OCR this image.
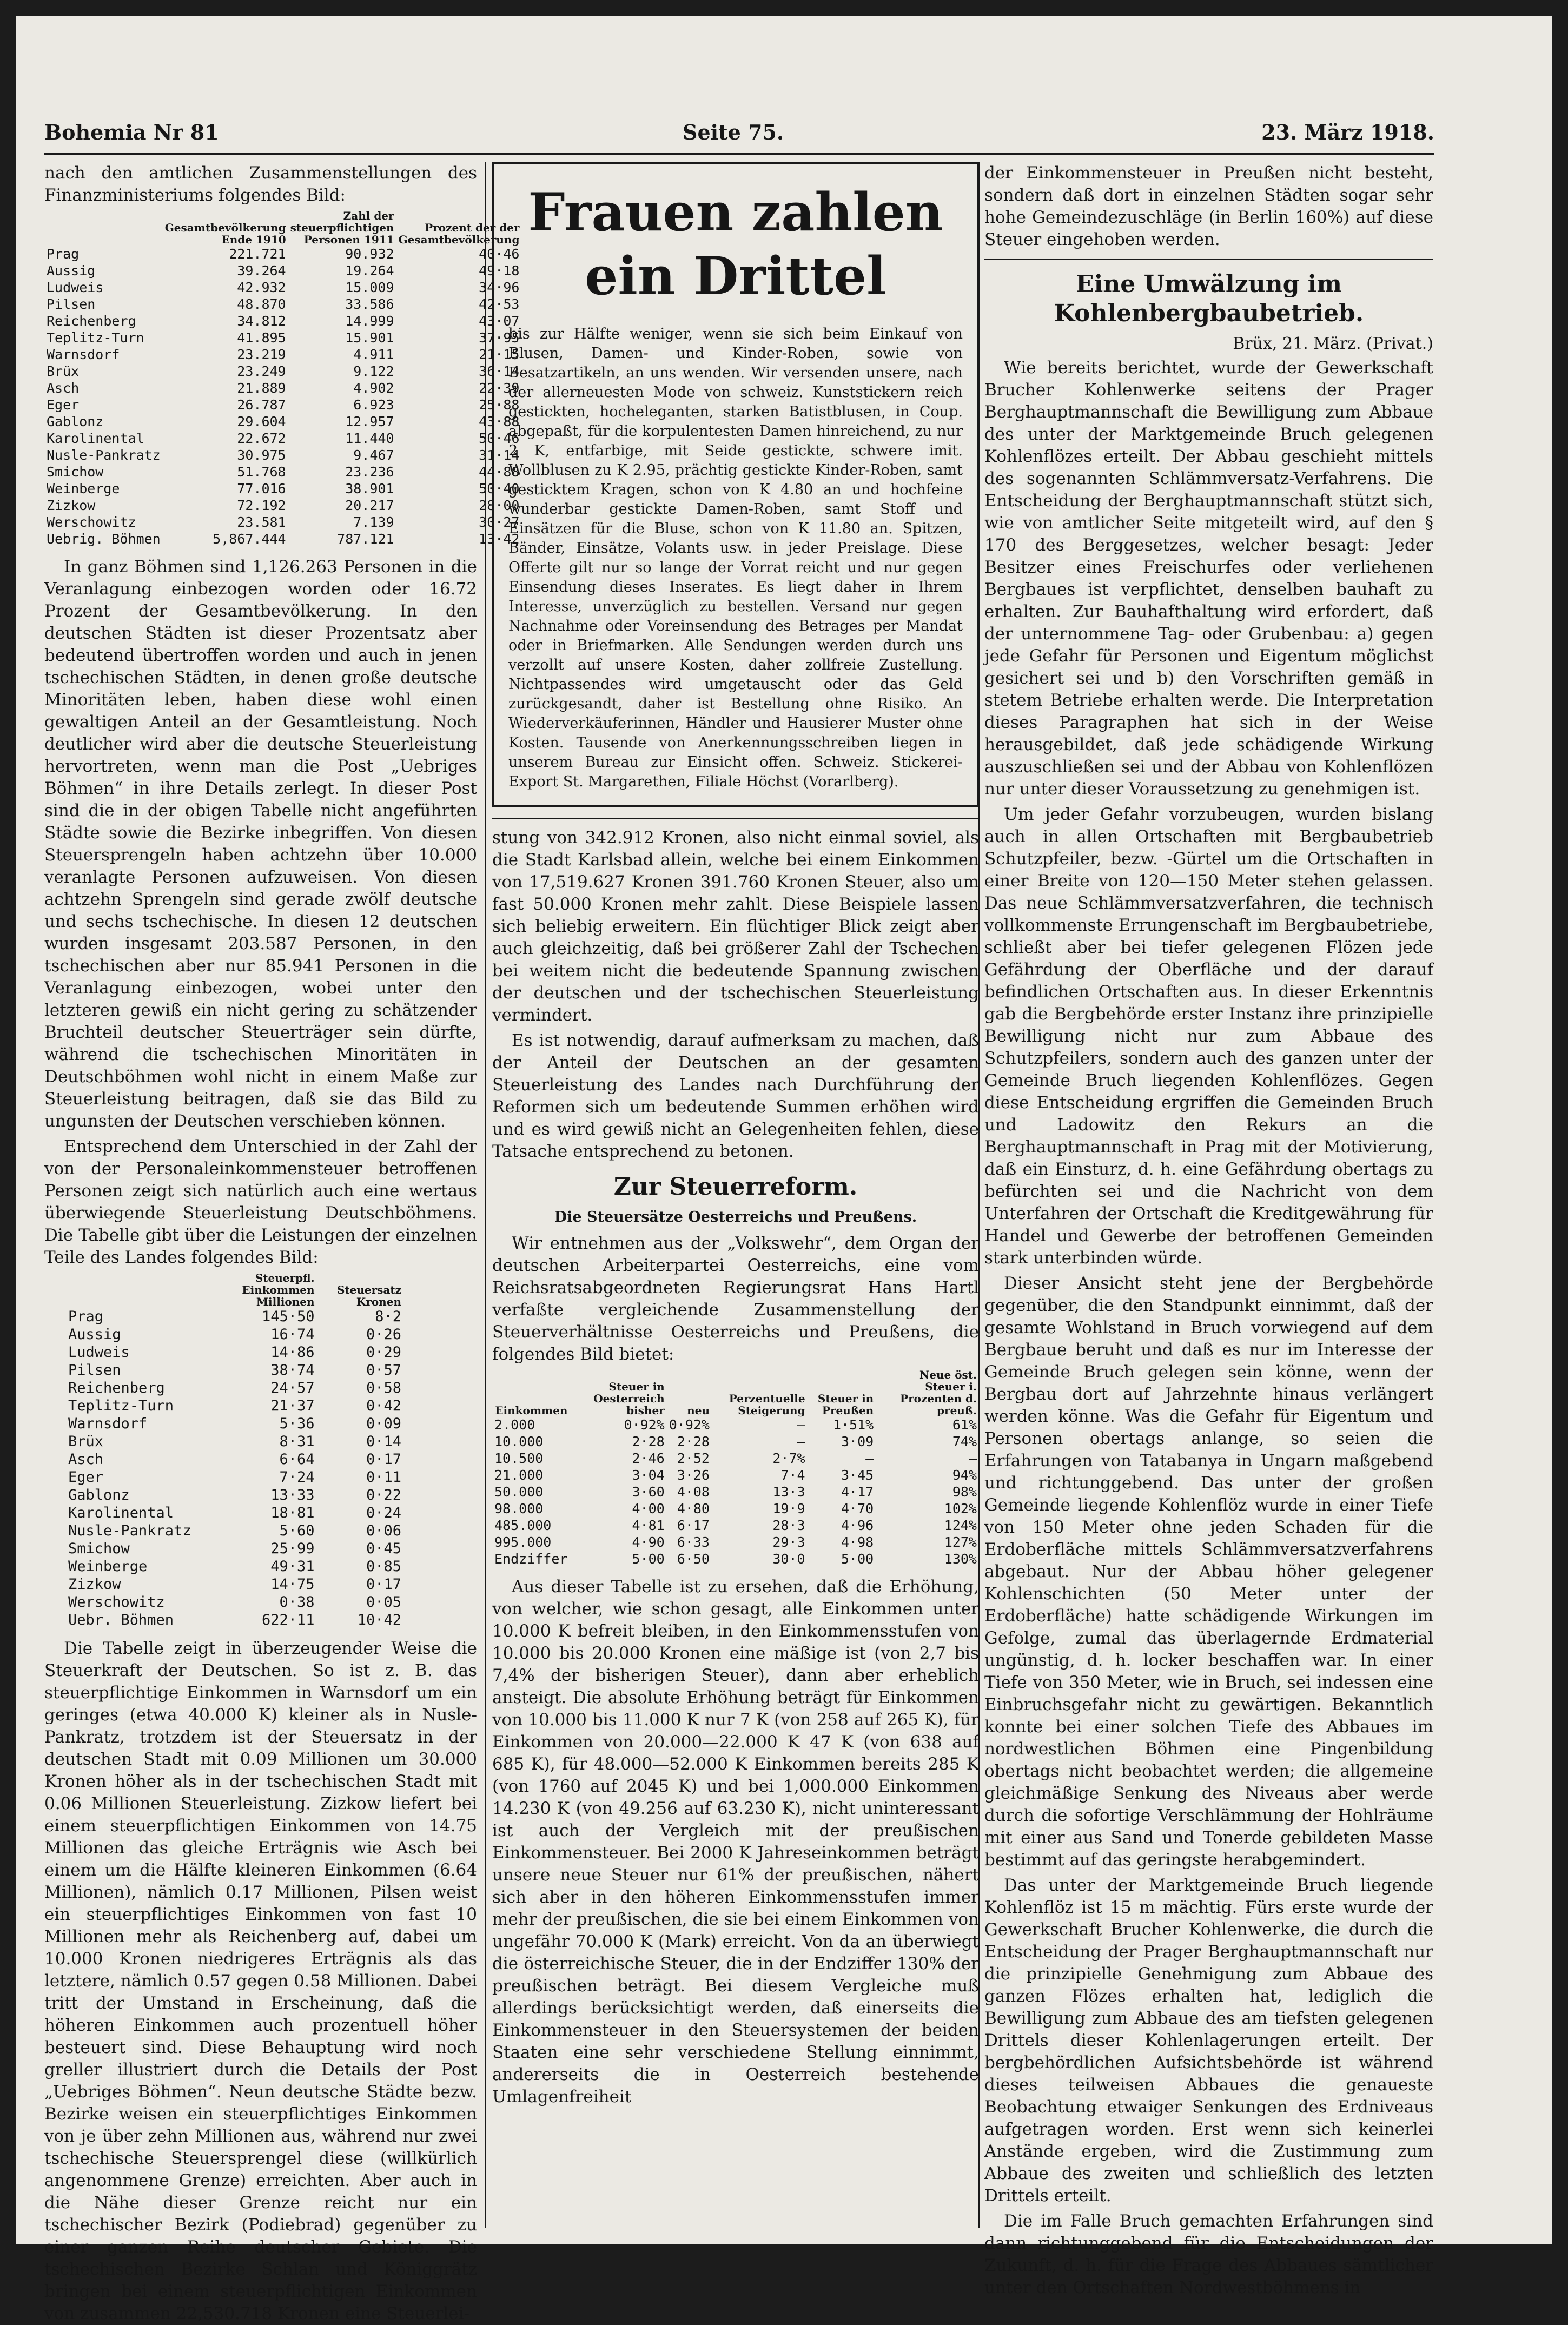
Bohemia Nr 81	Seite 75.	23. März 1918.

nach den amtlichen Zusammenstellungen des Finanzministeriums folgendes Bild:

	Gesamtbevölkerung Ende 1910	Zahl der steuerpflichtigen Personen 1911	Prozent der der Gesamtbevölkerung
Prag	221.721	90.932	40·46
Aussig	39.264	19.264	49·18
Ludweis	42.932	15.009	34·96
Pilsen	48.870	33.586	42·53
Reichenberg	34.812	14.999	43·07
Teplitz-Turn	41.895	15.901	37·95
Warnsdorf	23.219	4.911	21·15
Brüx	23.249	9.122	36·14
Asch	21.889	4.902	22·39
Eger	26.787	6.923	25·88
Gablonz	29.604	12.957	43·88
Karolinental	22.672	11.440	50·46
Nusle-Pankratz	30.975	9.467	31·14
Smichow	51.768	23.236	44·88
Weinberge	77.016	38.901	50·40
Zizkow	72.192	20.217	28·00
Werschowitz	23.581	7.139	30·27
Uebrig. Böhmen	5,867.444	787.121	13·42

In ganz Böhmen sind 1,126.263 Personen in die Veranlagung einbezogen worden oder 16.72 Prozent der Gesamtbevölkerung. In den deutschen Städten ist dieser Prozentsatz aber bedeutend übertroffen worden und auch in jenen tschechischen Städten, in denen große deutsche Minoritäten leben, haben diese wohl einen gewaltigen Anteil an der Gesamtleistung. Noch deutlicher wird aber die deutsche Steuerleistung hervortreten, wenn man die Post „Uebriges Böhmen“ in ihre Details zerlegt. In dieser Post sind die in der obigen Tabelle nicht angeführten Städte sowie die Bezirke inbegriffen. Von diesen Steuersprengeln haben achtzehn über 10.000 veranlagte Personen aufzuweisen. Von diesen achtzehn Sprengeln sind gerade zwölf deutsche und sechs tschechische. In diesen 12 deutschen wurden insgesamt 203.587 Personen, in den tschechischen aber nur 85.941 Personen in die Veranlagung einbezogen, wobei unter den letzteren gewiß ein nicht gering zu schätzender Bruchteil deutscher Steuerträger sein dürfte, während die tschechischen Minoritäten in Deutschböhmen wohl nicht in einem Maße zur Steuerleistung beitragen, daß sie das Bild zu ungunsten der Deutschen verschieben können.

Entsprechend dem Unterschied in der Zahl der von der Personaleinkommensteuer betroffenen Personen zeigt sich natürlich auch eine wertaus überwiegende Steuerleistung Deutschböhmens. Die Tabelle gibt über die Leistungen der einzelnen Teile des Landes folgendes Bild:

	Steuerpfl. Einkommen Millionen	Steuersatz Kronen
Prag	145·50	8·2
Aussig	16·74	0·26
Ludweis	14·86	0·29
Pilsen	38·74	0·57
Reichenberg	24·57	0·58
Teplitz-Turn	21·37	0·42
Warnsdorf	5·36	0·09
Brüx	8·31	0·14
Asch	6·64	0·17
Eger	7·24	0·11
Gablonz	13·33	0·22
Karolinental	18·81	0·24
Nusle-Pankratz	5·60	0·06
Smichow	25·99	0·45
Weinberge	49·31	0·85
Zizkow	14·75	0·17
Werschowitz	0·38	0·05
Uebr. Böhmen	622·11	10·42

Die Tabelle zeigt in überzeugender Weise die Steuerkraft der Deutschen. So ist z. B. das steuerpflichtige Einkommen in Warnsdorf um ein geringes (etwa 40.000 K) kleiner als in Nusle-Pankratz, trotzdem ist der Steuersatz in der deutschen Stadt mit 0.09 Millionen um 30.000 Kronen höher als in der tschechischen Stadt mit 0.06 Millionen Steuerleistung. Zizkow liefert bei einem steuerpflichtigen Einkommen von 14.75 Millionen das gleiche Erträgnis wie Asch bei einem um die Hälfte kleineren Einkommen (6.64 Millionen), nämlich 0.17 Millionen, Pilsen weist ein steuerpflichtiges Einkommen von fast 10 Millionen mehr als Reichenberg auf, dabei um 10.000 Kronen niedrigeres Erträgnis als das letztere, nämlich 0.57 gegen 0.58 Millionen. Dabei tritt der Umstand in Erscheinung, daß die höheren Einkommen auch prozentuell höher besteuert sind. Diese Behauptung wird noch greller illustriert durch die Details der Post „Uebriges Böhmen“. Neun deutsche Städte bezw. Bezirke weisen ein steuerpflichtiges Einkommen von je über zehn Millionen aus, während nur zwei tschechische Steuersprengel diese (willkürlich angenommene Grenze) erreichten. Aber auch in die Nähe dieser Grenze reicht nur ein tschechischer Bezirk (Podiebrad) gegenüber zu einer ganzen Reihe deutscher Gebiete. Die tschechischen Bezirke Schlan und Königgrätz bringen bei einem steuerpflichtigen Einkommen von zusammen 22,530.718 Kronen eine Steuerlei-

Frauen zahlen ein Drittel

bis zur Hälfte weniger, wenn sie sich beim Einkauf von Blusen, Damen- und Kinder-Roben, sowie von Besatzartikeln, an uns wenden. Wir versenden unsere, nach der allerneuesten Mode von schweiz. Kunststickern reich gestickten, hocheleganten, starken Batistblusen, in Coup. abgepaßt, für die korpulentesten Damen hinreichend, zu nur 2 K, entfarbige, mit Seide gestickte, schwere imit. Wollblusen zu K 2.95, prächtig gestickte Kinder-Roben, samt gesticktem Kragen, schon von K 4.80 an und hochfeine wunderbar gestickte Damen-Roben, samt Stoff und Einsätzen für die Bluse, schon von K 11.80 an. Spitzen, Bänder, Einsätze, Volants usw. in jeder Preislage. Diese Offerte gilt nur so lange der Vorrat reicht und nur gegen Einsendung dieses Inserates. Es liegt daher in Ihrem Interesse, unverzüglich zu bestellen. Versand nur gegen Nachnahme oder Voreinsendung des Betrages per Mandat oder in Briefmarken. Alle Sendungen werden durch uns verzollt auf unsere Kosten, daher zollfreie Zustellung. Nichtpassendes wird umgetauscht oder das Geld zurückgesandt, daher ist Bestellung ohne Risiko. An Wiederverkäuferinnen, Händler und Hausierer Muster ohne Kosten. Tausende von Anerkennungsschreiben liegen in unserem Bureau zur Einsicht offen. Schweiz. Stickerei-Export St. Margarethen, Filiale Höchst (Vorarlberg).

stung von 342.912 Kronen, also nicht einmal soviel, als die Stadt Karlsbad allein, welche bei einem Einkommen von 17,519.627 Kronen 391.760 Kronen Steuer, also um fast 50.000 Kronen mehr zahlt. Diese Beispiele lassen sich beliebig erweitern. Ein flüchtiger Blick zeigt aber auch gleichzeitig, daß bei größerer Zahl der Tschechen bei weitem nicht die bedeutende Spannung zwischen der deutschen und der tschechischen Steuerleistung vermindert.

Es ist notwendig, darauf aufmerksam zu machen, daß der Anteil der Deutschen an der gesamten Steuerleistung des Landes nach Durchführung der Reformen sich um bedeutende Summen erhöhen wird und es wird gewiß nicht an Gelegenheiten fehlen, diese Tatsache entsprechend zu betonen.

Zur Steuerreform.
Die Steuersätze Oesterreichs und Preußens.

Wir entnehmen aus der „Volkswehr“, dem Organ der deutschen Arbeiterpartei Oesterreichs, eine vom Reichsratsabgeordneten Regierungsrat Hans Hartl verfaßte vergleichende Zusammenstellung der Steuerverhältnisse Oesterreichs und Preußens, die folgendes Bild bietet:

Einkommen	Steuer in Oesterreich bisher	neu	Perzentuelle Steigerung	Steuer in Preußen	Neue öst. Steuer i. Prozenten d. preuß.
2.000	0·92%	0·92%	—	1·51%	61%
10.000	2·28	2·28	—	3·09	74%
10.500	2·46	2·52	2·7%	—	—
21.000	3·04	3·26	7·4	3·45	94%
50.000	3·60	4·08	13·3	4·17	98%
98.000	4·00	4·80	19·9	4·70	102%
485.000	4·81	6·17	28·3	4·96	124%
995.000	4·90	6·33	29·3	4·98	127%
Endziffer	5·00	6·50	30·0	5·00	130%

Aus dieser Tabelle ist zu ersehen, daß die Erhöhung, von welcher, wie schon gesagt, alle Einkommen unter 10.000 K befreit bleiben, in den Einkommensstufen von 10.000 bis 20.000 Kronen eine mäßige ist (von 2,7 bis 7,4% der bisherigen Steuer), dann aber erheblich ansteigt. Die absolute Erhöhung beträgt für Einkommen von 10.000 bis 11.000 K nur 7 K (von 258 auf 265 K), für Einkommen von 20.000—22.000 K 47 K (von 638 auf 685 K), für 48.000—52.000 K Einkommen bereits 285 K (von 1760 auf 2045 K) und bei 1,000.000 Einkommen 14.230 K (von 49.256 auf 63.230 K), nicht uninteressant ist auch der Vergleich mit der preußischen Einkommensteuer. Bei 2000 K Jahreseinkommen beträgt unsere neue Steuer nur 61% der preußischen, nähert sich aber in den höheren Einkommensstufen immer mehr der preußischen, die sie bei einem Einkommen von ungefähr 70.000 K (Mark) erreicht. Von da an überwiegt die österreichische Steuer, die in der Endziffer 130% der preußischen beträgt. Bei diesem Vergleiche muß allerdings berücksichtigt werden, daß einerseits die Einkommensteuer in den Steuersystemen der beiden Staaten eine sehr verschiedene Stellung einnimmt, andererseits die in Oesterreich bestehende Umlagenfreiheit

der Einkommensteuer in Preußen nicht besteht, sondern daß dort in einzelnen Städten sogar sehr hohe Gemeindezuschläge (in Berlin 160%) auf diese Steuer eingehoben werden.

Eine Umwälzung im Kohlenbergbaubetrieb.
Brüx, 21. März. (Privat.)

Wie bereits berichtet, wurde der Gewerkschaft Brucher Kohlenwerke seitens der Prager Berghauptmannschaft die Bewilligung zum Abbaue des unter der Marktgemeinde Bruch gelegenen Kohlenflözes erteilt. Der Abbau geschieht mittels des sogenannten Schlämmversatz-Verfahrens. Die Entscheidung der Berghauptmannschaft stützt sich, wie von amtlicher Seite mitgeteilt wird, auf den § 170 des Berggesetzes, welcher besagt: Jeder Besitzer eines Freischurfes oder verliehenen Bergbaues ist verpflichtet, denselben bauhaft zu erhalten. Zur Bauhafthaltung wird erfordert, daß der unternommene Tag- oder Grubenbau: a) gegen jede Gefahr für Personen und Eigentum möglichst gesichert sei und b) den Vorschriften gemäß in stetem Betriebe erhalten werde. Die Interpretation dieses Paragraphen hat sich in der Weise herausgebildet, daß jede schädigende Wirkung auszuschließen sei und der Abbau von Kohlenflözen nur unter dieser Voraussetzung zu genehmigen ist.

Um jeder Gefahr vorzubeugen, wurden bislang auch in allen Ortschaften mit Bergbaubetrieb Schutzpfeiler, bezw. -Gürtel um die Ortschaften in einer Breite von 120—150 Meter stehen gelassen. Das neue Schlämmversatzverfahren, die technisch vollkommenste Errungenschaft im Bergbaubetriebe, schließt aber bei tiefer gelegenen Flözen jede Gefährdung der Oberfläche und der darauf befindlichen Ortschaften aus. In dieser Erkenntnis gab die Bergbehörde erster Instanz ihre prinzipielle Bewilligung nicht nur zum Abbaue des Schutzpfeilers, sondern auch des ganzen unter der Gemeinde Bruch liegenden Kohlenflözes. Gegen diese Entscheidung ergriffen die Gemeinden Bruch und Ladowitz den Rekurs an die Berghauptmannschaft in Prag mit der Motivierung, daß ein Einsturz, d. h. eine Gefährdung obertags zu befürchten sei und die Nachricht von dem Unterfahren der Ortschaft die Kreditgewährung für Handel und Gewerbe der betroffenen Gemeinden stark unterbinden würde.

Dieser Ansicht steht jene der Bergbehörde gegenüber, die den Standpunkt einnimmt, daß der gesamte Wohlstand in Bruch vorwiegend auf dem Bergbaue beruht und daß es nur im Interesse der Gemeinde Bruch gelegen sein könne, wenn der Bergbau dort auf Jahrzehnte hinaus verlängert werden könne. Was die Gefahr für Eigentum und Personen obertags anlange, so seien die Erfahrungen von Tatabanya in Ungarn maßgebend und richtunggebend. Das unter der großen Gemeinde liegende Kohlenflöz wurde in einer Tiefe von 150 Meter ohne jeden Schaden für die Erdoberfläche mittels Schlämmversatzverfahrens abgebaut. Nur der Abbau höher gelegener Kohlenschichten (50 Meter unter der Erdoberfläche) hatte schädigende Wirkungen im Gefolge, zumal das überlagernde Erdmaterial ungünstig, d. h. locker beschaffen war. In einer Tiefe von 350 Meter, wie in Bruch, sei indessen eine Einbruchsgefahr nicht zu gewärtigen. Bekanntlich konnte bei einer solchen Tiefe des Abbaues im nordwestlichen Böhmen eine Pingenbildung obertags nicht beobachtet werden; die allgemeine gleichmäßige Senkung des Niveaus aber werde durch die sofortige Verschlämmung der Hohlräume mit einer aus Sand und Tonerde gebildeten Masse bestimmt auf das geringste herabgemindert.

Das unter der Marktgemeinde Bruch liegende Kohlenflöz ist 15 m mächtig. Fürs erste wurde der Gewerkschaft Brucher Kohlenwerke, die durch die Entscheidung der Prager Berghauptmannschaft nur die prinzipielle Genehmigung zum Abbaue des ganzen Flözes erhalten hat, lediglich die Bewilligung zum Abbaue des am tiefsten gelegenen Drittels dieser Kohlenlagerungen erteilt. Der bergbehördlichen Aufsichtsbehörde ist während dieses teilweisen Abbaues die genaueste Beobachtung etwaiger Senkungen des Erdniveaus aufgetragen worden. Erst wenn sich keinerlei Anstände ergeben, wird die Zustimmung zum Abbaue des zweiten und schließlich des letzten Drittels erteilt.

Die im Falle Bruch gemachten Erfahrungen sind dann richtunggebend für die Entscheidungen der Zukunft, d. h. für die Frage des Abbaues sämtlicher unter den Ortschaften Nordwestböhmens in
